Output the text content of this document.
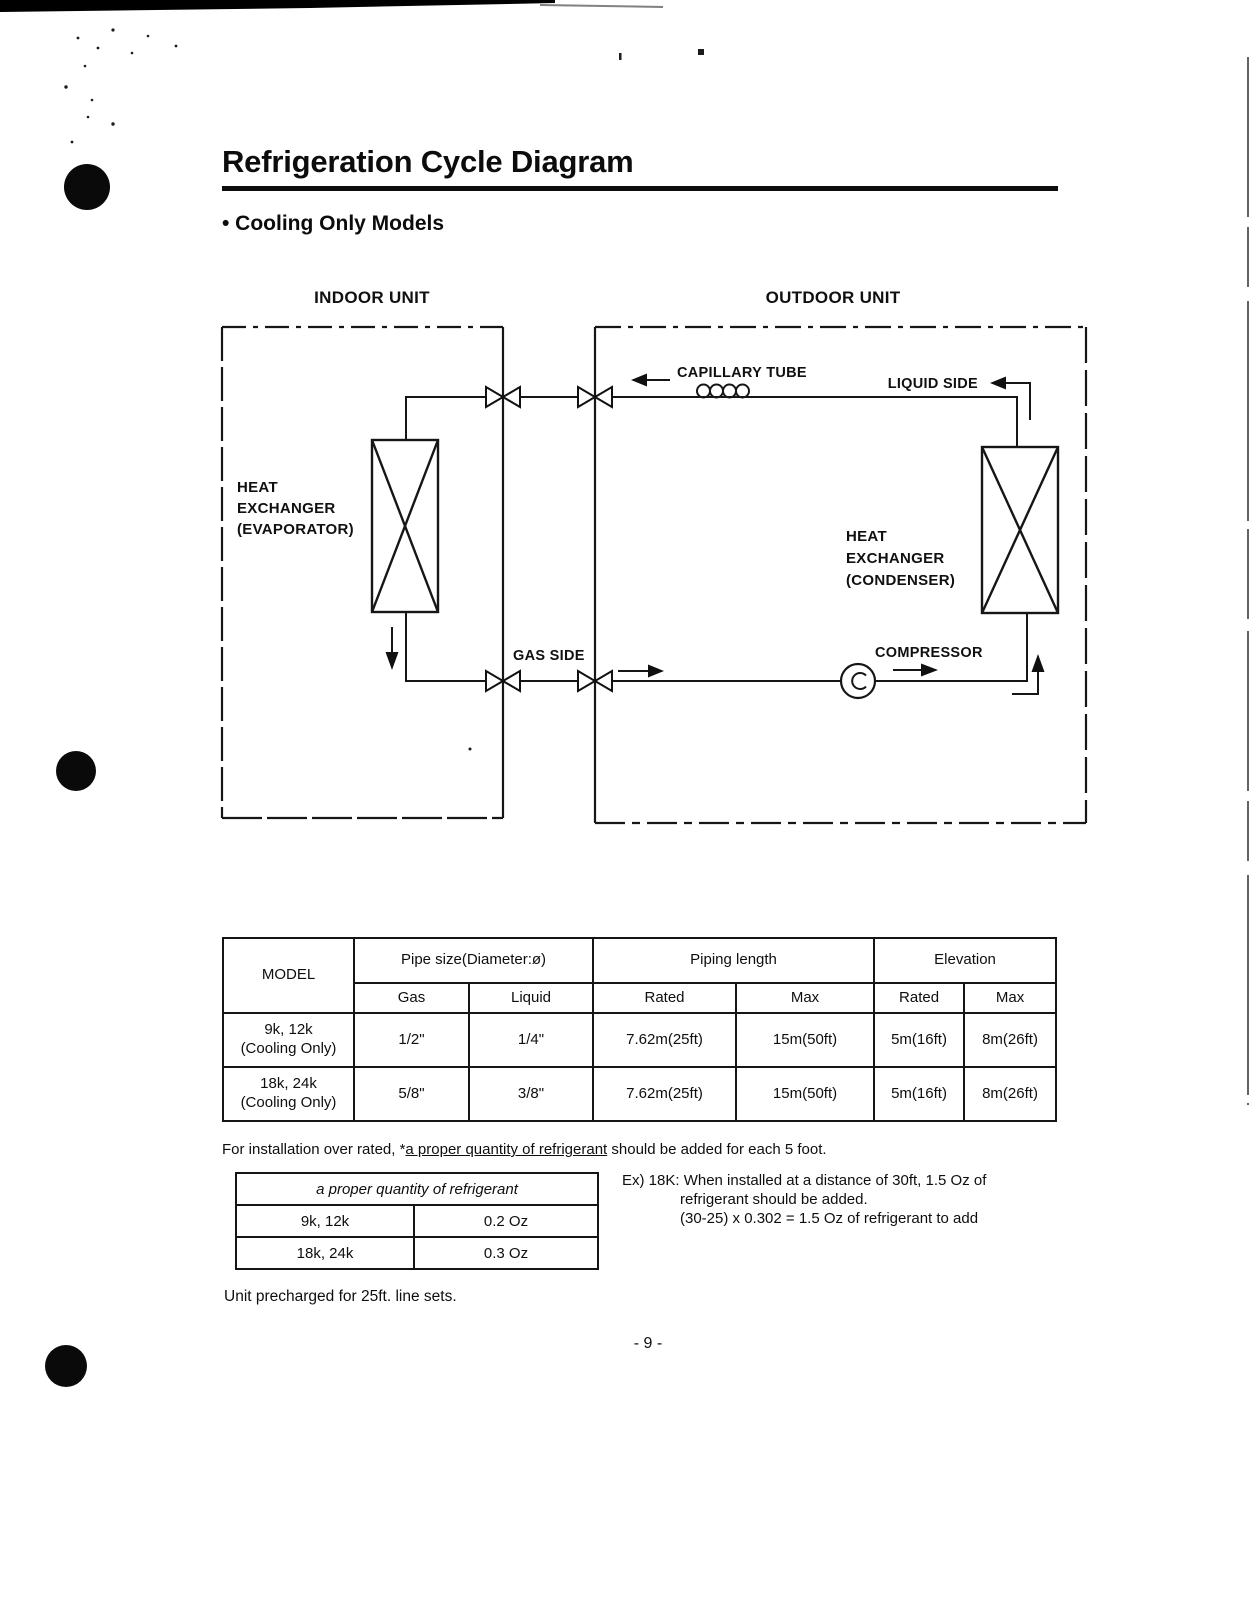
Refrigeration Cycle Diagram
• Cooling Only Models
INDOOR UNIT	OUTDOOR UNIT
CAPILLARY TUBE
LIQUID SIDE
GAS SIDE	COMPRESSOR
HEAT
EXCHANGER
(EVAPORATOR)	HEAT
EXCHANGER
(CONDENSER)
MODEL	Pipe size(Diameter:ø)		Piping length		Elevation	
	Gas	Liquid	Rated	Max	Rated	Max

9k, 12k
(Cooling Only)	1/2"	1/4"	7.62m(25ft)	15m(50ft)	5m(16ft)	8m(26ft)

18k, 24k
(Cooling Only)	5/8"	3/8"	7.62m(25ft)	15m(50ft)	5m(16ft)	8m(26ft)

For installation over rated, *a proper quantity of refrigerant should be added for each 5 foot.

a proper quantity of refrigerant	
9k, 12k	0.2 Oz
18k, 24k	0.3 Oz
Ex) 18K: When installed at a distance of 30ft, 1.5 Oz of
refrigerant should be added.
(30-25) x 0.302 = 1.5 Oz of refrigerant to add

Unit precharged for 25ft. line sets.

- 9 -
